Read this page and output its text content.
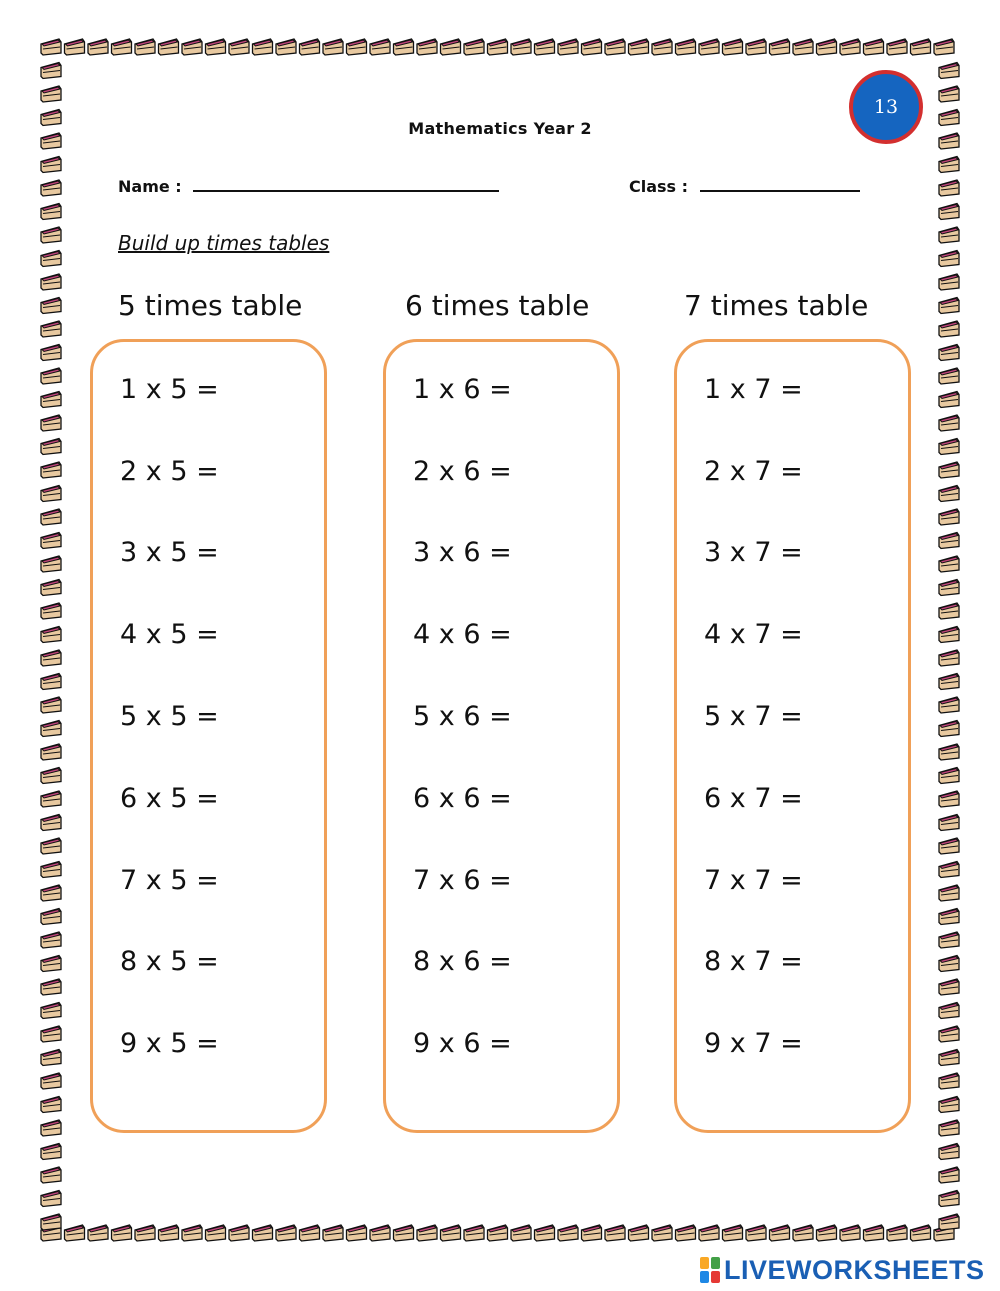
13
Mathematics Year 2
Name :	Class :
Build up times tables
5 times table	6 times table	7 times table
1 x 5 =
2 x 5 =
3 x 5 =
4 x 5 =
5 x 5 =
6 x 5 =
7 x 5 =
8 x 5 =
9 x 5 =
1 x 6 =
2 x 6 =
3 x 6 =
4 x 6 =
5 x 6 =
6 x 6 =
7 x 6 =
8 x 6 =
9 x 6 =
1 x 7 =
2 x 7 =
3 x 7 =
4 x 7 =
5 x 7 =
6 x 7 =
7 x 7 =
8 x 7 =
9 x 7 =
LIVEWORKSHEETS
